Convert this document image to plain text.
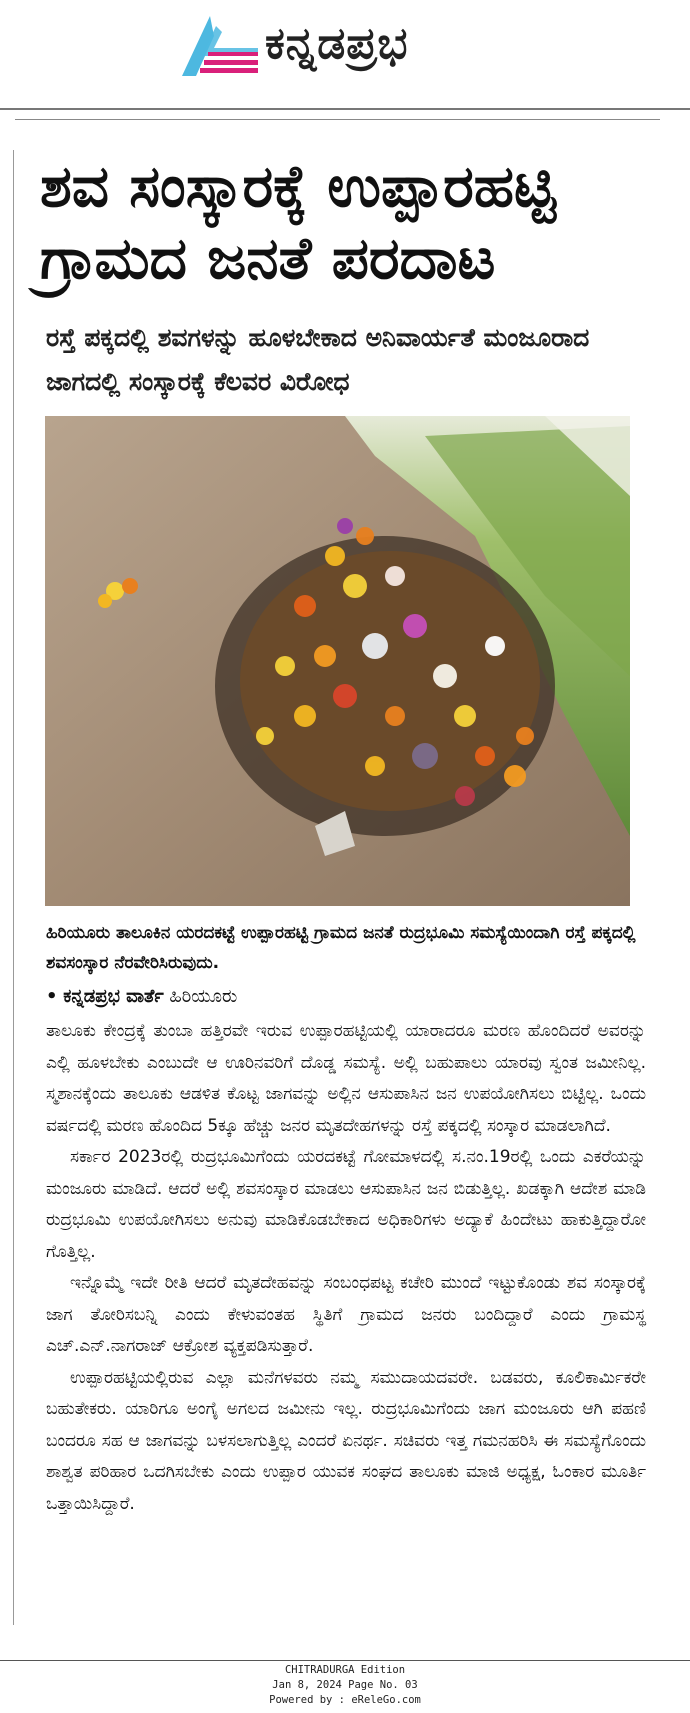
ಕನ್ನಡಪ್ರಭ
ಶವ ಸಂಸ್ಕಾರಕ್ಕೆ ಉಪ್ಪಾರಹಟ್ಟಿ ಗ್ರಾಮದ ಜನತೆ ಪರದಾಟ
ರಸ್ತೆ ಪಕ್ಕದಲ್ಲಿ ಶವಗಳನ್ನು ಹೂಳಬೇಕಾದ ಅನಿವಾರ್ಯತೆ ಮಂಜೂರಾದ ಜಾಗದಲ್ಲಿ ಸಂಸ್ಕಾರಕ್ಕೆ ಕೆಲವರ ವಿರೋಧ
ಹಿರಿಯೂರು ತಾಲೂಕಿನ ಯರದಕಟ್ಟೆ ಉಪ್ಪಾರಹಟ್ಟಿ ಗ್ರಾಮದ ಜನತೆ ರುದ್ರಭೂಮಿ ಸಮಸ್ಯೆಯಿಂದಾಗಿ ರಸ್ತೆ ಪಕ್ಕದಲ್ಲಿ ಶವಸಂಸ್ಕಾರ ನೆರವೇರಿಸಿರುವುದು.
• ಕನ್ನಡಪ್ರಭ ವಾರ್ತೆ ಹಿರಿಯೂರು

ತಾಲೂಕು ಕೇಂದ್ರಕ್ಕೆ ತುಂಬಾ ಹತ್ತಿರವೇ ಇರುವ ಉಪ್ಪಾರಹಟ್ಟಿಯಲ್ಲಿ ಯಾರಾದರೂ ಮರಣ ಹೊಂದಿದರೆ ಅವರನ್ನು ಎಲ್ಲಿ ಹೂಳಬೇಕು ಎಂಬುದೇ ಆ ಊರಿನವರಿಗೆ ದೊಡ್ಡ ಸಮಸ್ಯೆ. ಅಲ್ಲಿ ಬಹುಪಾಲು ಯಾರವು ಸ್ವಂತ ಜಮೀನಿಲ್ಲ. ಸ್ಮಶಾನಕ್ಕೆಂದು ತಾಲೂಕು ಆಡಳಿತ ಕೊಟ್ಟ ಜಾಗವನ್ನು ಅಲ್ಲಿನ ಆಸುಪಾಸಿನ ಜನ ಉಪಯೋಗಿಸಲು ಬಿಟ್ಟಿಲ್ಲ. ಒಂದು ವರ್ಷದಲ್ಲಿ ಮರಣ ಹೊಂದಿದ 5ಕ್ಕೂ ಹೆಚ್ಚು ಜನರ ಮೃತದೇಹಗಳನ್ನು ರಸ್ತೆ ಪಕ್ಕದಲ್ಲಿ ಸಂಸ್ಕಾರ ಮಾಡಲಾಗಿದೆ.

ಸರ್ಕಾರ 2023ರಲ್ಲಿ ರುದ್ರಭೂಮಿಗೆಂದು ಯರದಕಟ್ಟೆ ಗೋಮಾಳದಲ್ಲಿ ಸ.ನಂ.19ರಲ್ಲಿ ಒಂದು ಎಕರೆಯನ್ನು ಮಂಜೂರು ಮಾಡಿದೆ. ಆದರೆ ಅಲ್ಲಿ ಶವಸಂಸ್ಕಾರ ಮಾಡಲು ಆಸುಪಾಸಿನ ಜನ ಬಿಡುತ್ತಿಲ್ಲ. ಖಡಕ್ಕಾಗಿ ಆದೇಶ ಮಾಡಿ ರುದ್ರಭೂಮಿ ಉಪಯೋಗಿಸಲು ಅನುವು ಮಾಡಿಕೊಡಬೇಕಾದ ಅಧಿಕಾರಿಗಳು ಅದ್ಯಾಕೆ ಹಿಂದೇಟು ಹಾಕುತ್ತಿದ್ದಾರೋ ಗೊತ್ತಿಲ್ಲ.

ಇನ್ನೊಮ್ಮೆ ಇದೇ ರೀತಿ ಆದರೆ ಮೃತದೇಹವನ್ನು ಸಂಬಂಧಪಟ್ಟ ಕಚೇರಿ ಮುಂದೆ ಇಟ್ಟುಕೊಂಡು ಶವ ಸಂಸ್ಕಾರಕ್ಕೆ ಜಾಗ ತೋರಿಸಬನ್ನಿ ಎಂದು ಕೇಳುವಂತಹ ಸ್ಥಿತಿಗೆ ಗ್ರಾಮದ ಜನರು ಬಂದಿದ್ದಾರೆ ಎಂದು ಗ್ರಾಮಸ್ಥ ಎಚ್.ಎನ್.ನಾಗರಾಜ್ ಆಕ್ರೋಶ ವ್ಯಕ್ತಪಡಿಸುತ್ತಾರೆ.

ಉಪ್ಪಾರಹಟ್ಟಿಯಲ್ಲಿರುವ ಎಲ್ಲಾ ಮನೆಗಳವರು ನಮ್ಮ ಸಮುದಾಯದವರೇ. ಬಡವರು, ಕೂಲಿಕಾರ್ಮಿಕರೇ ಬಹುತೇಕರು. ಯಾರಿಗೂ ಅಂಗೈ ಅಗಲದ ಜಮೀನು ಇಲ್ಲ. ರುದ್ರಭೂಮಿಗೆಂದು ಜಾಗ ಮಂಜೂರು ಆಗಿ ಪಹಣಿ ಬಂದರೂ ಸಹ ಆ ಜಾಗವನ್ನು ಬಳಸಲಾಗುತ್ತಿಲ್ಲ ಎಂದರೆ ಏನರ್ಥ. ಸಚಿವರು ಇತ್ತ ಗಮನಹರಿಸಿ ಈ ಸಮಸ್ಯೆಗೊಂದು ಶಾಶ್ವತ ಪರಿಹಾರ ಒದಗಿಸಬೇಕು ಎಂದು ಉಪ್ಪಾರ ಯುವಕ ಸಂಘದ ತಾಲೂಕು ಮಾಜಿ ಅಧ್ಯಕ್ಷ, ಓಂಕಾರ ಮೂರ್ತಿ ಒತ್ತಾಯಿಸಿದ್ದಾರೆ.

CHITRADURGA Edition
Jan 8, 2024 Page No. 03
Powered by : eReleGo.com
